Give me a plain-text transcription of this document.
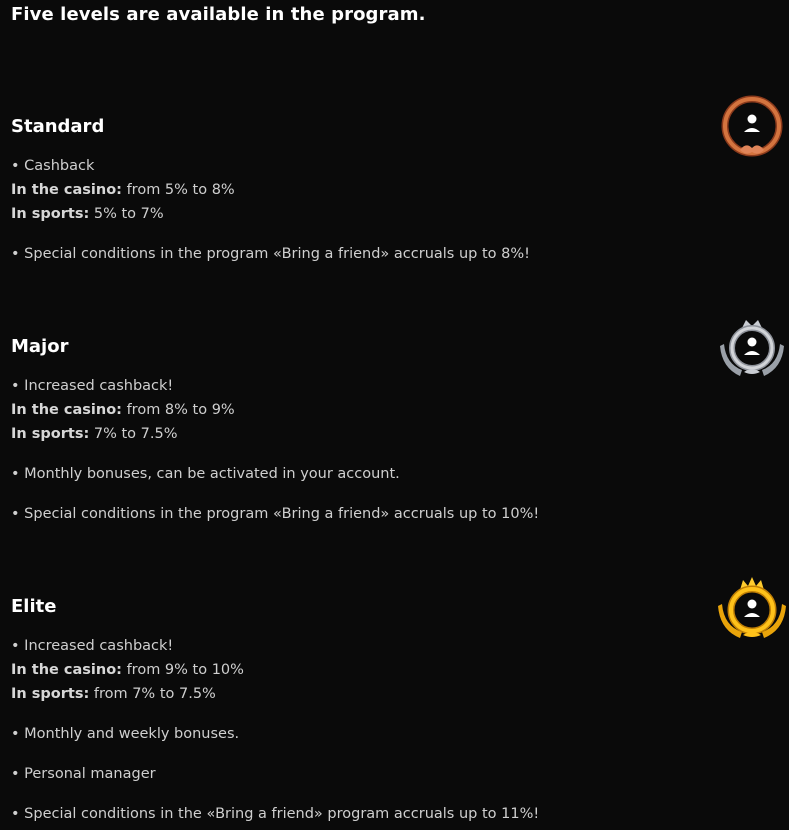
Five levels are available in the program.
Standard
• Cashback
In the casino: from 5% to 8%
In sports: 5% to 7%
• Special conditions in the program «Bring a friend» accruals up to 8%!
Major
• Increased cashback!
In the casino: from 8% to 9%
In sports: 7% to 7.5%
• Monthly bonuses, can be activated in your account.
• Special conditions in the program «Bring a friend» accruals up to 10%!
Elite
• Increased cashback!
In the casino: from 9% to 10%
In sports: from 7% to 7.5%
• Monthly and weekly bonuses.
• Personal manager
• Special conditions in the «Bring a friend» program accruals up to 11%!
